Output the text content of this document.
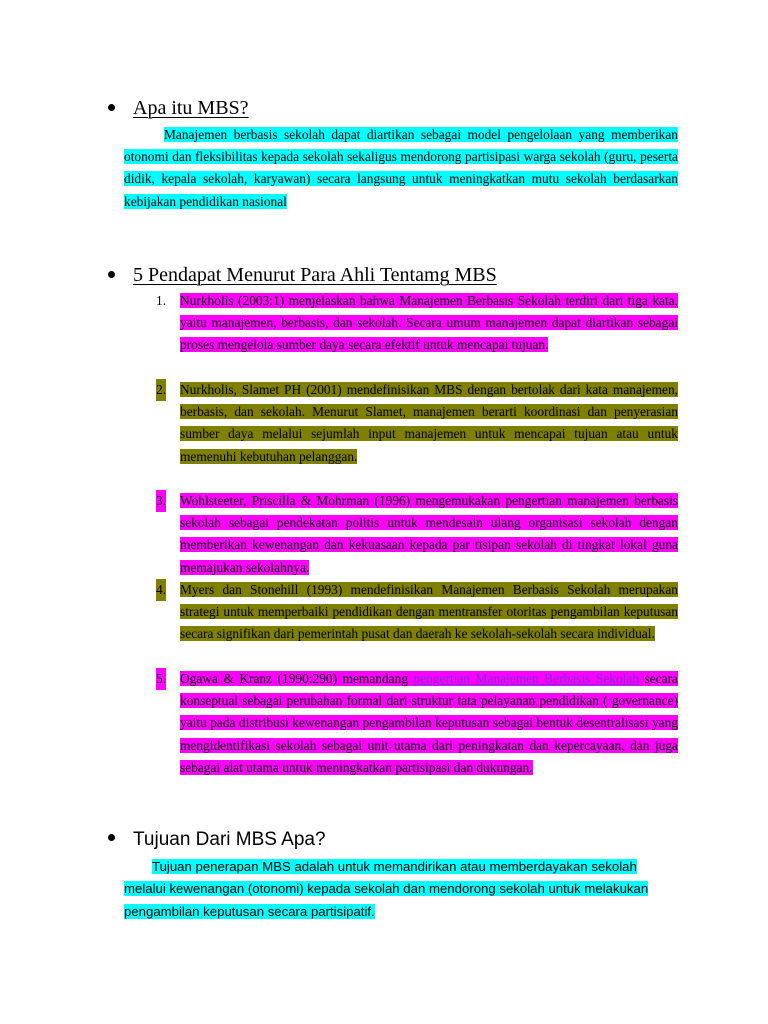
Apa itu MBS?
Manajemen berbasis sekolah dapat diartikan sebagai model pengelolaan yang memberikan otonomi dan fleksibilitas kepada sekolah sekaligus mendorong partisipasi warga sekolah (guru, peserta didik, kepala sekolah, karyawan) secara langsung untuk meningkatkan mutu sekolah berdasarkan kebijakan pendidikan nasional
5 Pendapat Menurut Para Ahli Tentamg MBS
1. Nurkholis (2003:1) menjelaskan bahwa Manajemen Berbasis Sekolah terdiri dari tiga kata, yaitu manajemen, berbasis, dan sekolah. Secara umum manajemen dapat diartikan sebagai proses mengelola sumber daya secara efektif untuk mencapai tujuan.
2. Nurkholis, Slamet PH (2001) mendefinisikan MBS dengan bertolak dari kata manajemen, berbasis, dan sekolah. Menurut Slamet, manajemen berarti koordinasi dan penyerasian sumber daya melalui sejumlah input manajemen untuk mencapai tujuan atau untuk memenuhi kebutuhan pelanggan.
3. Wohlsteeter, Priscilla & Mohrman (1996) mengemukakan pengertian manajemen berbasis sekolah sebagai pendekatan politis untuk mendesain ulang organisasi sekolah dengan memberikan kewenangan dan kekuasaan kepada par tisipan sekolah di tingkat lokal guna memajukan sekolahnya.
4. Myers dan Stonehill (1993) mendefinisikan Manajemen Berbasis Sekolah merupakan strategi untuk memperbaiki pendidikan dengan mentransfer otoritas pengambilan keputusan secara signifikan dari pemerintah pusat dan daerah ke sekolah-sekolah secara individual.
5. Ogawa & Kranz (1990:290) memandang pengertian Manajemen Berbasis Sekolah secara konseptual sebagai perubahan formal dari struktur tata pelayanan pendidikan ( governance) yaitu pada distribusi kewenangan pengambilan keputusan sebagai bentuk desentralisasi yang mengidentifikasi sekolah sebagai unit utama dari peningkatan dan kepercayaan, dan juga sebagai alat utama untuk meningkatkan partisipasi dan dukungan.
Tujuan Dari MBS Apa?
Tujuan penerapan MBS adalah untuk memandirikan atau memberdayakan sekolah melalui kewenangan (otonomi) kepada sekolah dan mendorong sekolah untuk melakukan pengambilan keputusan secara partisipatif.
